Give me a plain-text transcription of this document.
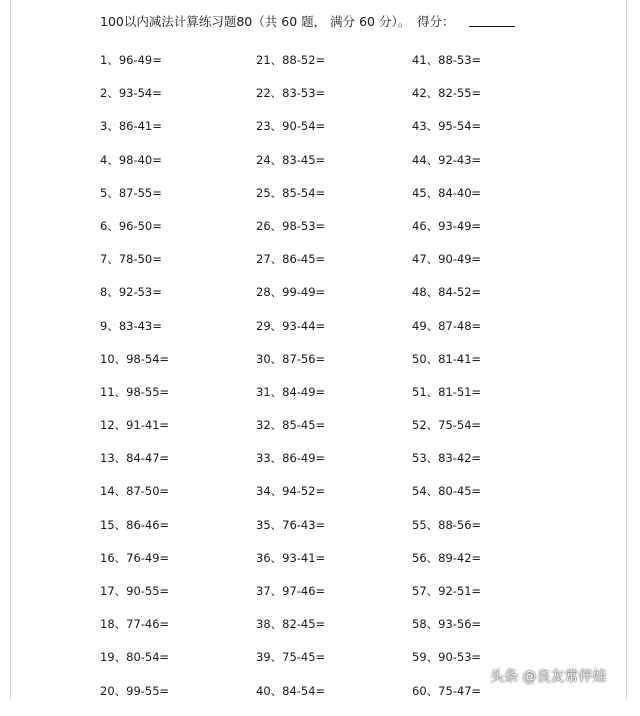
100以内减法计算练习题80（共 60 题， 满分 60 分）。 得分：
1、96-49=
2、93-54=
3、86-41=
4、98-40=
5、87-55=
6、96-50=
7、78-50=
8、92-53=
9、83-43=
10、98-54=
11、98-55=
12、91-41=
13、84-47=
14、87-50=
15、86-46=
16、76-49=
17、90-55=
18、77-46=
19、80-54=
20、99-55=
21、88-52=
22、83-53=
23、90-54=
24、83-45=
25、85-54=
26、98-53=
27、86-45=
28、99-49=
29、93-44=
30、87-56=
31、84-49=
32、85-45=
33、86-49=
34、94-52=
35、76-43=
36、93-41=
37、97-46=
38、82-45=
39、75-45=
40、84-54=
41、88-53=
42、82-55=
43、95-54=
44、92-43=
45、84-40=
46、93-49=
47、90-49=
48、84-52=
49、87-48=
50、81-41=
51、81-51=
52、75-54=
53、83-42=
54、80-45=
55、88-56=
56、89-42=
57、92-51=
58、93-56=
59、90-53=
60、75-47=
头条 @良友常伴娃
